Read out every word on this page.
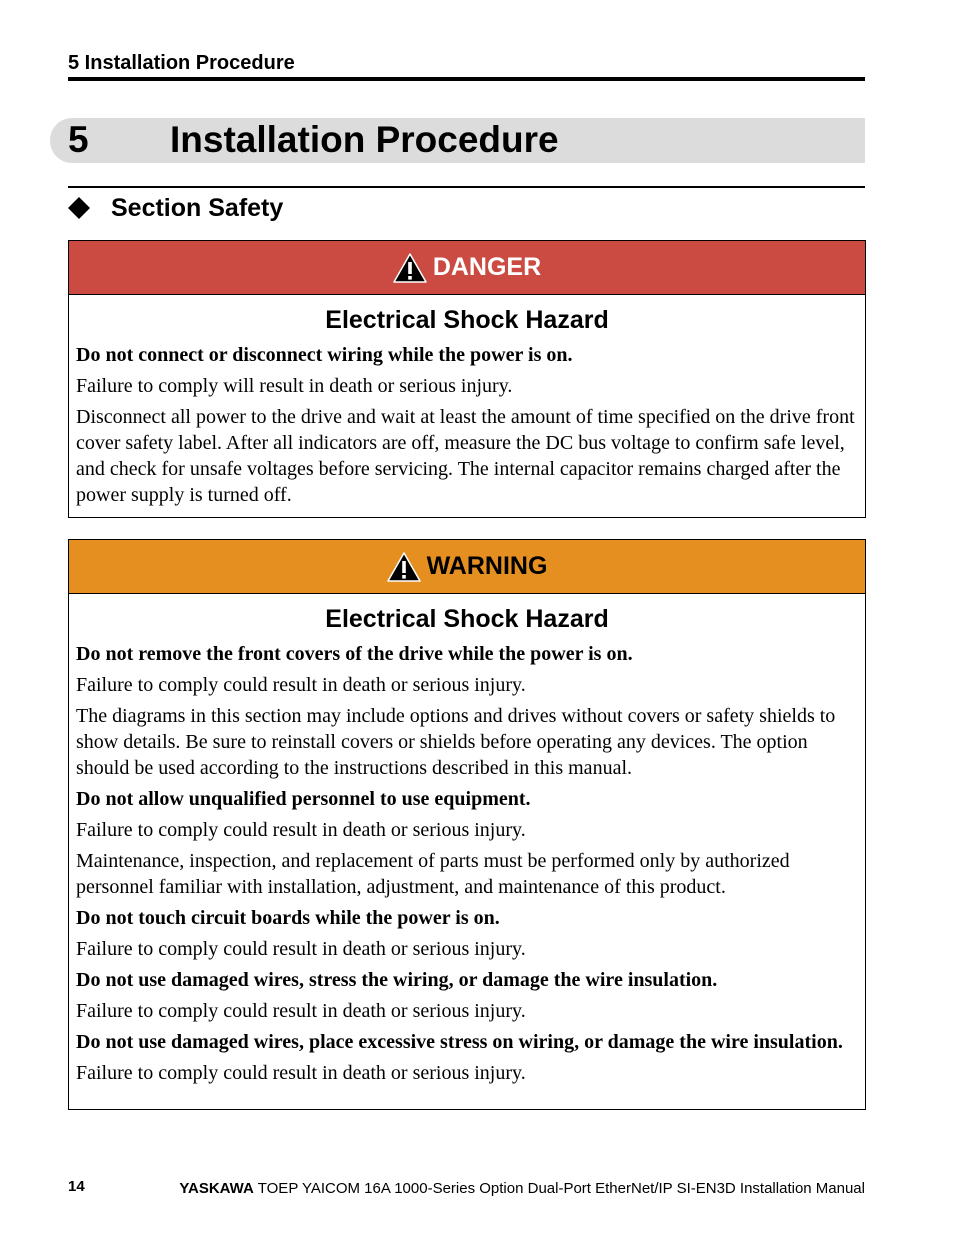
5 Installation Procedure
5 Installation Procedure
Section Safety
DANGER
Electrical Shock Hazard

Do not connect or disconnect wiring while the power is on.

Failure to comply will result in death or serious injury.

Disconnect all power to the drive and wait at least the amount of time specified on the drive front cover safety label. After all indicators are off, measure the DC bus voltage to confirm safe level, and check for unsafe voltages before servicing. The internal capacitor remains charged after the power supply is turned off.

WARNING
Electrical Shock Hazard

Do not remove the front covers of the drive while the power is on.

Failure to comply could result in death or serious injury.

The diagrams in this section may include options and drives without covers or safety shields to show details. Be sure to reinstall covers or shields before operating any devices. The option should be used according to the instructions described in this manual.

Do not allow unqualified personnel to use equipment.

Failure to comply could result in death or serious injury.

Maintenance, inspection, and replacement of parts must be performed only by authorized personnel familiar with installation, adjustment, and maintenance of this product.

Do not touch circuit boards while the power is on.

Failure to comply could result in death or serious injury.

Do not use damaged wires, stress the wiring, or damage the wire insulation.

Failure to comply could result in death or serious injury.

Do not use damaged wires, place excessive stress on wiring, or damage the wire insulation.

Failure to comply could result in death or serious injury.

14	YASKAWA TOEP YAICOM 16A 1000-Series Option Dual-Port EtherNet/IP SI-EN3D Installation Manual
